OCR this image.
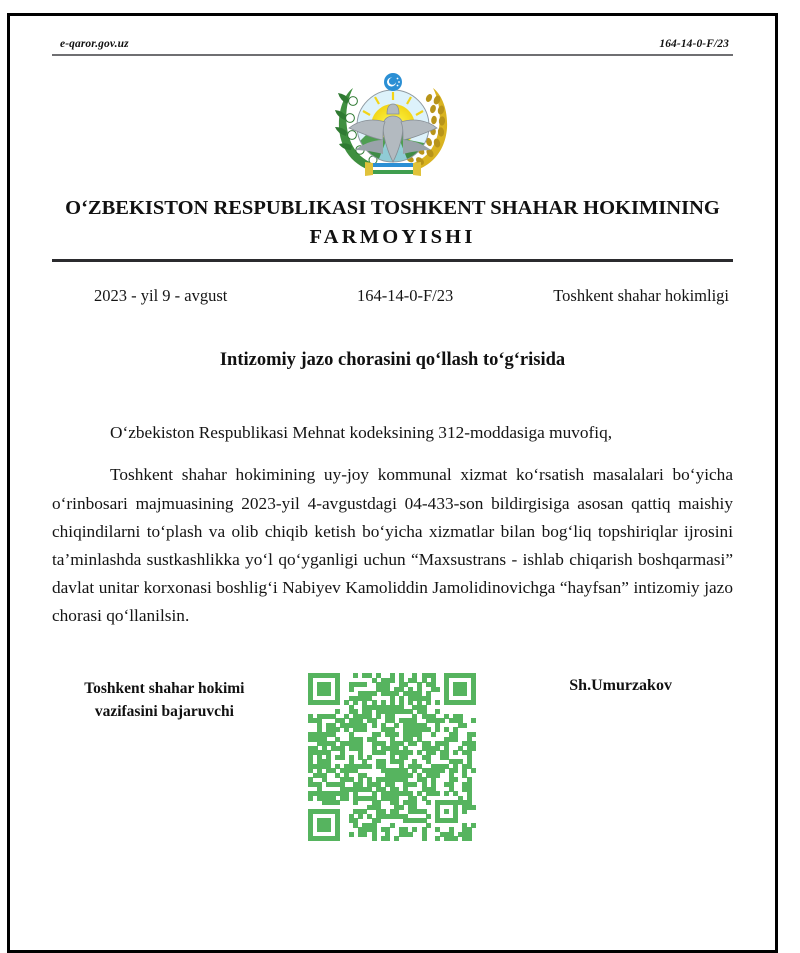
e-qaror.gov.uz	164-14-0-F/23
O‘ZBEKISTON RESPUBLIKASI TOSHKENT SHAHAR HOKIMINING
FARMOYISHI
2023 - yil 9 - avgust	164-14-0-F/23	Toshkent shahar hokimligi
Intizomiy jazo chorasini qo‘llash to‘g‘risida

O‘zbekiston Respublikasi Mehnat kodeksining 312-moddasiga muvofiq,

Toshkent shahar hokimining uy-joy kommunal xizmat ko‘rsatish masalalari bo‘yicha o‘rinbosari majmuasining 2023-yil 4-avgustdagi 04-433-son bildirgisiga asosan qattiq maishiy chiqindilarni to‘plash va olib chiqib ketish bo‘yicha xizmatlar bilan bog‘liq topshiriqlar ijrosini ta’minlashda sustkashlikka yo‘l qo‘yganligi uchun “Maxsustrans - ishlab chiqarish boshqarmasi” davlat unitar korxonasi boshlig‘i Nabiyev Kamoliddin Jamolidinovichga “hayfsan” intizomiy jazo chorasi qo‘llanilsin.

Toshkent shahar hokimi
vazifasini bajaruvchi
Sh.Umurzakov
